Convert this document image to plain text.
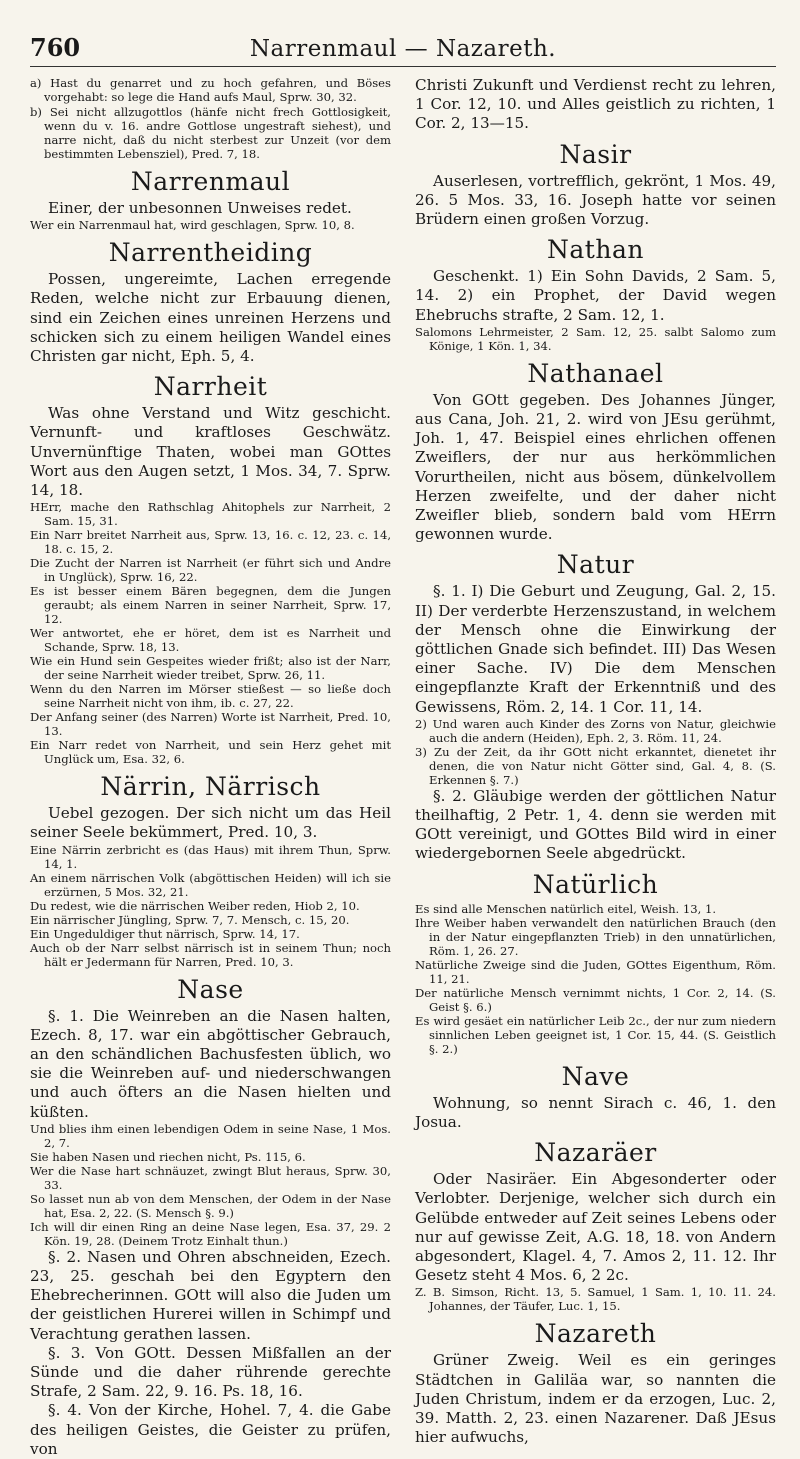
760	Narrenmaul — Nazareth.

a) Hast du genarret und zu hoch gefahren, und Böses vorgehabt: so lege die Hand aufs Maul, Sprw. 30, 32.

b) Sei nicht allzugottlos (hänfe nicht frech Gottlosigkeit, wenn du v. 16. andre Gottlose ungestraft siehest), und narre nicht, daß du nicht sterbest zur Unzeit (vor dem bestimmten Lebensziel), Pred. 7, 18.

Narrenmaul

Einer, der unbesonnen Unweises redet.

Wer ein Narrenmaul hat, wird geschlagen, Sprw. 10, 8.

Narrentheiding

Possen, ungereimte, Lachen erregende Reden, welche nicht zur Erbauung dienen, sind ein Zeichen eines unreinen Herzens und schicken sich zu einem heiligen Wandel eines Christen gar nicht, Eph. 5, 4.

Narrheit

Was ohne Verstand und Witz geschicht. Vernunft- und kraftloses Geschwätz. Unvernünftige Thaten, wobei man GOttes Wort aus den Augen setzt, 1 Mos. 34, 7. Sprw. 14, 18.

HErr, mache den Rathschlag Ahitophels zur Narrheit, 2 Sam. 15, 31.

Ein Narr breitet Narrheit aus, Sprw. 13, 16. c. 12, 23. c. 14, 18. c. 15, 2.

Die Zucht der Narren ist Narrheit (er führt sich und Andre in Unglück), Sprw. 16, 22.

Es ist besser einem Bären begegnen, dem die Jungen geraubt; als einem Narren in seiner Narrheit, Sprw. 17, 12.

Wer antwortet, ehe er höret, dem ist es Narrheit und Schande, Sprw. 18, 13.

Wie ein Hund sein Gespeites wieder frißt; also ist der Narr, der seine Narrheit wieder treibet, Sprw. 26, 11.

Wenn du den Narren im Mörser stießest — so ließe doch seine Narrheit nicht von ihm, ib. c. 27, 22.

Der Anfang seiner (des Narren) Worte ist Narrheit, Pred. 10, 13.

Ein Narr redet von Narrheit, und sein Herz gehet mit Unglück um, Esa. 32, 6.

Närrin, Närrisch

Uebel gezogen. Der sich nicht um das Heil seiner Seele bekümmert, Pred. 10, 3.

Eine Närrin zerbricht es (das Haus) mit ihrem Thun, Sprw. 14, 1.

An einem närrischen Volk (abgöttischen Heiden) will ich sie erzürnen, 5 Mos. 32, 21.

Du redest, wie die närrischen Weiber reden, Hiob 2, 10.

Ein närrischer Jüngling, Sprw. 7, 7. Mensch, c. 15, 20.

Ein Ungeduldiger thut närrisch, Sprw. 14, 17.

Auch ob der Narr selbst närrisch ist in seinem Thun; noch hält er Jedermann für Narren, Pred. 10, 3.

Nase

§. 1. Die Weinreben an die Nasen halten, Ezech. 8, 17. war ein abgöttischer Gebrauch, an den schändlichen Bachusfesten üblich, wo sie die Weinreben auf- und niederschwangen und auch öfters an die Nasen hielten und küßten.

Und blies ihm einen lebendigen Odem in seine Nase, 1 Mos. 2, 7.

Sie haben Nasen und riechen nicht, Ps. 115, 6.

Wer die Nase hart schnäuzet, zwingt Blut heraus, Sprw. 30, 33.

So lasset nun ab von dem Menschen, der Odem in der Nase hat, Esa. 2, 22. (S. Mensch §. 9.)

Ich will dir einen Ring an deine Nase legen, Esa. 37, 29. 2 Kön. 19, 28. (Deinem Trotz Einhalt thun.)

§. 2. Nasen und Ohren abschneiden, Ezech. 23, 25. geschah bei den Egyptern den Ehebrecherinnen. GOtt will also die Juden um der geistlichen Hurerei willen in Schimpf und Verachtung gerathen lassen.

§. 3. Von GOtt. Dessen Mißfallen an der Sünde und die daher rührende gerechte Strafe, 2 Sam. 22, 9. 16. Ps. 18, 16.

§. 4. Von der Kirche, Hohel. 7, 4. die Gabe des heiligen Geistes, die Geister zu prüfen, von

Christi Zukunft und Verdienst recht zu lehren, 1 Cor. 12, 10. und Alles geistlich zu richten, 1 Cor. 2, 13—15.

Nasir

Auserlesen, vortrefflich, gekrönt, 1 Mos. 49, 26. 5 Mos. 33, 16. Joseph hatte vor seinen Brüdern einen großen Vorzug.

Nathan

Geschenkt. 1) Ein Sohn Davids, 2 Sam. 5, 14. 2) ein Prophet, der David wegen Ehebruchs strafte, 2 Sam. 12, 1.

Salomons Lehrmeister, 2 Sam. 12, 25. salbt Salomo zum Könige, 1 Kön. 1, 34.

Nathanael

Von GOtt gegeben. Des Johannes Jünger, aus Cana, Joh. 21, 2. wird von JEsu gerühmt, Joh. 1, 47. Beispiel eines ehrlichen offenen Zweiflers, der nur aus herkömmlichen Vorurtheilen, nicht aus bösem, dünkelvollem Herzen zweifelte, und der daher nicht Zweifler blieb, sondern bald vom HErrn gewonnen wurde.

Natur

§. 1. I) Die Geburt und Zeugung, Gal. 2, 15. II) Der verderbte Herzenszustand, in welchem der Mensch ohne die Einwirkung der göttlichen Gnade sich befindet. III) Das Wesen einer Sache. IV) Die dem Menschen eingepflanzte Kraft der Erkenntniß und des Gewissens, Röm. 2, 14. 1 Cor. 11, 14.

2) Und waren auch Kinder des Zorns von Natur, gleichwie auch die andern (Heiden), Eph. 2, 3. Röm. 11, 24.

3) Zu der Zeit, da ihr GOtt nicht erkanntet, dienetet ihr denen, die von Natur nicht Götter sind, Gal. 4, 8. (S. Erkennen §. 7.)

§. 2. Gläubige werden der göttlichen Natur theilhaftig, 2 Petr. 1, 4. denn sie werden mit GOtt vereinigt, und GOttes Bild wird in einer wiedergebornen Seele abgedrückt.

Natürlich

Es sind alle Menschen natürlich eitel, Weish. 13, 1.

Ihre Weiber haben verwandelt den natürlichen Brauch (den in der Natur eingepflanzten Trieb) in den unnatürlichen, Röm. 1, 26. 27.

Natürliche Zweige sind die Juden, GOttes Eigenthum, Röm. 11, 21.

Der natürliche Mensch vernimmt nichts, 1 Cor. 2, 14. (S. Geist §. 6.)

Es wird gesäet ein natürlicher Leib 2c., der nur zum niedern sinnlichen Leben geeignet ist, 1 Cor. 15, 44. (S. Geistlich §. 2.)

Nave

Wohnung, so nennt Sirach c. 46, 1. den Josua.

Nazaräer

Oder Nasiräer. Ein Abgesonderter oder Verlobter. Derjenige, welcher sich durch ein Gelübde entweder auf Zeit seines Lebens oder nur auf gewisse Zeit, A.G. 18, 18. von Andern abgesondert, Klagel. 4, 7. Amos 2, 11. 12. Ihr Gesetz steht 4 Mos. 6, 2 2c.

Z. B. Simson, Richt. 13, 5. Samuel, 1 Sam. 1, 10. 11. 24. Johannes, der Täufer, Luc. 1, 15.

Nazareth

Grüner Zweig. Weil es ein geringes Städtchen in Galiläa war, so nannten die Juden Christum, indem er da erzogen, Luc. 2, 39. Matth. 2, 23. einen Nazarener. Daß JEsus hier aufwuchs,
